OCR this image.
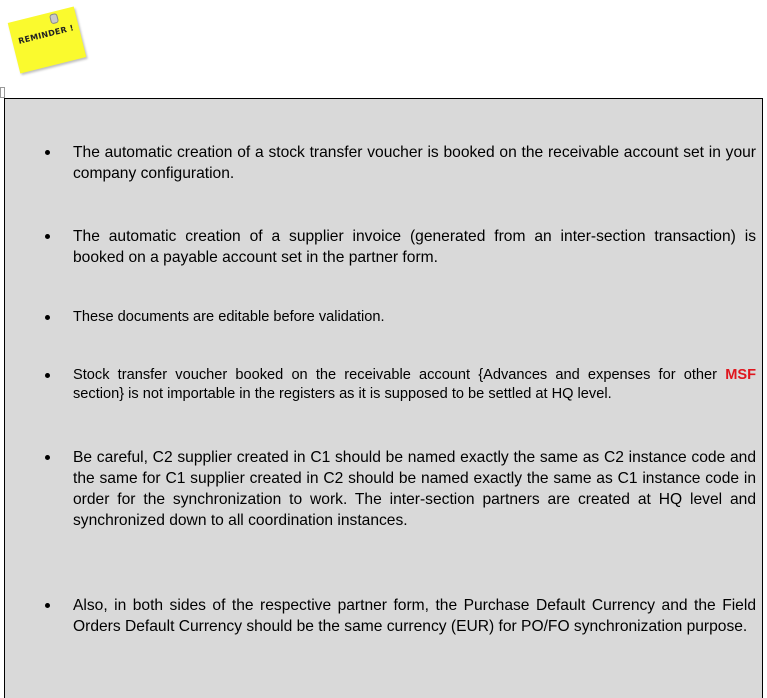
REMINDER !
The automatic creation of a stock transfer voucher is booked on the receivable account set in your company configuration.
The automatic creation of a supplier invoice (generated from an inter-section transaction) is booked on a payable account set in the partner form.
These documents are editable before validation.
Stock transfer voucher booked on the receivable account {Advances and expenses for other MSF section} is not importable in the registers as it is supposed to be settled at HQ level.
Be careful, C2 supplier created in C1 should be named exactly the same as C2 instance code and the same for C1 supplier created in C2 should be named exactly the same as C1 instance code in order for the synchronization to work. The inter-section partners are created at HQ level and synchronized down to all coordination instances.
Also, in both sides of the respective partner form, the Purchase Default Currency and the Field Orders Default Currency should be the same currency (EUR) for PO/FO synchronization purpose.
